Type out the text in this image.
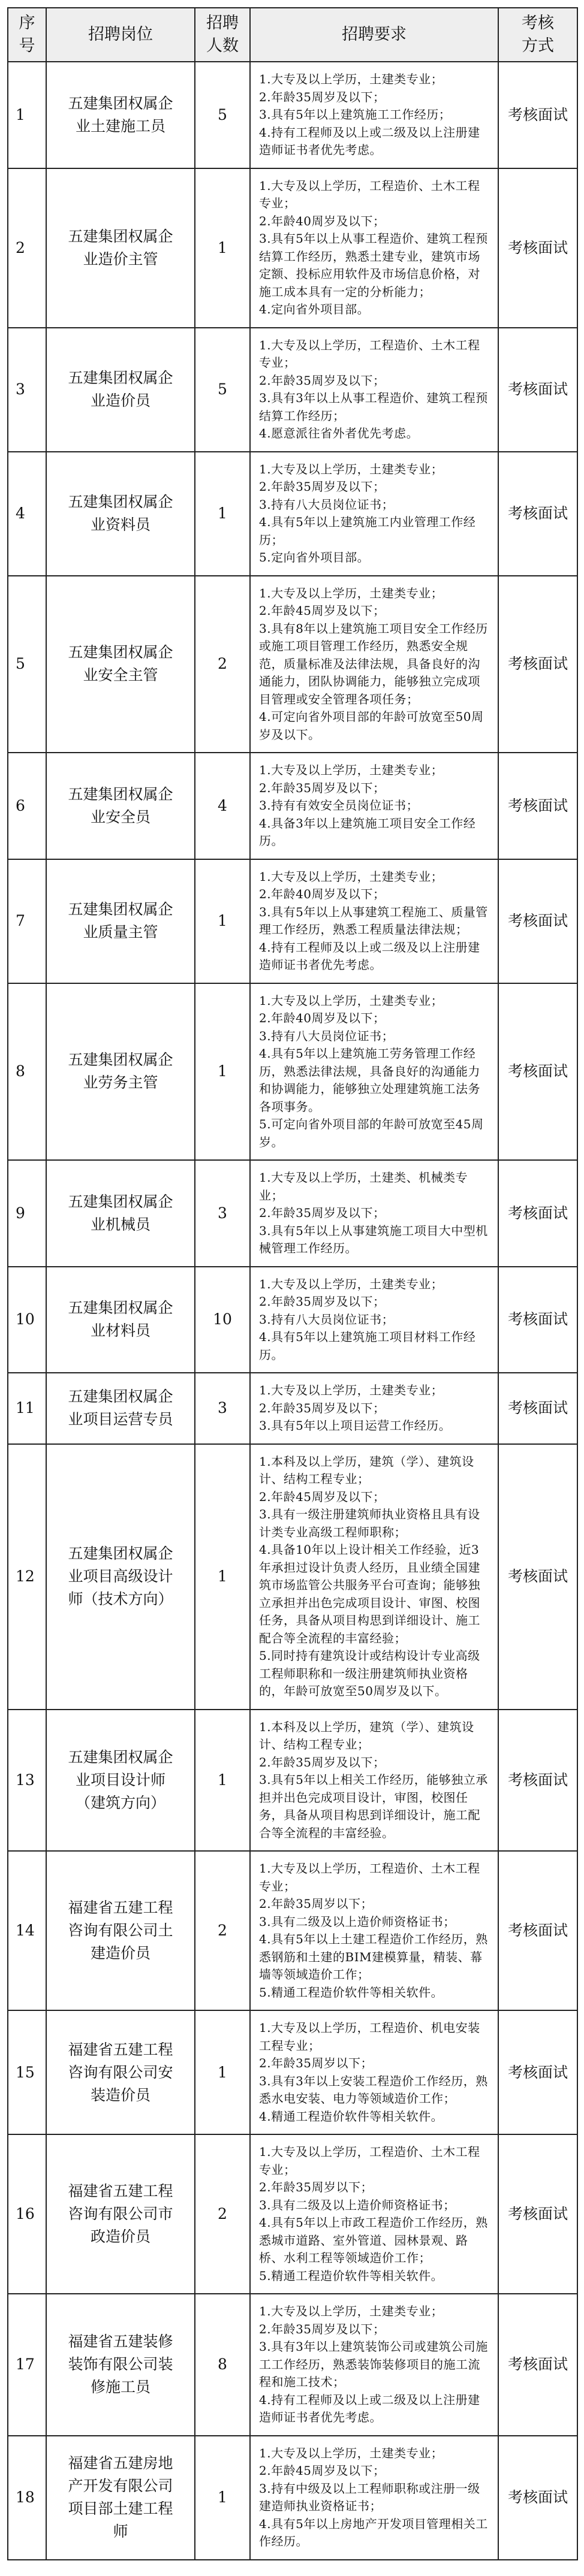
序号	招聘岗位	招聘人数	招聘要求	考核方式
1	五建集团权属企业土建施工员	5	1.大专及以上学历，土建类专业；
2.年龄35周岁及以下；
3.具有5年以上建筑施工工作经历；
4.持有工程师及以上或二级及以上注册建造师证书者优先考虑。	考核面试
2	五建集团权属企业造价主管	1	1.大专及以上学历，工程造价、土木工程专业；
2.年龄40周岁及以下；
3.具有5年以上从事工程造价、建筑工程预结算工作经历，熟悉土建专业，建筑市场定额、投标应用软件及市场信息价格，对施工成本具有一定的分析能力；
4.定向省外项目部。	考核面试
3	五建集团权属企业造价员	5	1.大专及以上学历，工程造价、土木工程专业；
2.年龄35周岁及以下；
3.具有3年以上从事工程造价、建筑工程预结算工作经历；
4.愿意派往省外者优先考虑。	考核面试
4	五建集团权属企业资料员	1	1.大专及以上学历，土建类专业；
2.年龄35周岁及以下；
3.持有八大员岗位证书；
4.具有5年以上建筑施工内业管理工作经历；
5.定向省外项目部。	考核面试
5	五建集团权属企业安全主管	2	1.大专及以上学历，土建类专业；
2.年龄45周岁及以下；
3.具有8年以上建筑施工项目安全工作经历或施工项目管理工作经历，熟悉安全规范，质量标准及法律法规，具备良好的沟通能力，团队协调能力，能够独立完成项目管理或安全管理各项任务；
4.可定向省外项目部的年龄可放宽至50周岁及以下。	考核面试
6	五建集团权属企业安全员	4	1.大专及以上学历，土建类专业；
2.年龄35周岁及以下；
3.持有有效安全员岗位证书；
4.具备3年以上建筑施工项目安全工作经历。	考核面试
7	五建集团权属企业质量主管	1	1.大专及以上学历，土建类专业；
2.年龄40周岁及以下；
3.具有5年以上从事建筑工程施工、质量管理工作经历，熟悉工程质量法律法规；
4.持有工程师及以上或二级及以上注册建造师证书者优先考虑。	考核面试
8	五建集团权属企业劳务主管	1	1.大专及以上学历，土建类专业；
2.年龄40周岁及以下；
3.持有八大员岗位证书；
4.具有5年以上建筑施工劳务管理工作经历，熟悉法律法规，具备良好的沟通能力和协调能力，能够独立处理建筑施工法务各项事务。
5.可定向省外项目部的年龄可放宽至45周岁。	考核面试
9	五建集团权属企业机械员	3	1.大专及以上学历，土建类、机械类专业；
2.年龄35周岁及以下；
3.具有5年以上从事建筑施工项目大中型机械管理工作经历。	考核面试
10	五建集团权属企业材料员	10	1.大专及以上学历，土建类专业；
2.年龄35周岁及以下；
3.持有八大员岗位证书；
4.具有5年以上建筑施工项目材料工作经历。	考核面试
11	五建集团权属企业项目运营专员	3	1.大专及以上学历，土建类专业；
2.年龄35周岁及以下；
3.具有5年以上项目运营工作经历。	考核面试
12	五建集团权属企业项目高级设计师（技术方向）	1	1.本科及以上学历，建筑（学）、建筑设计、结构工程专业；
2.年龄45周岁及以下；
3.具有一级注册建筑师执业资格且具有设计类专业高级工程师职称；
4.具备10年以上设计相关工作经验，近3年承担过设计负责人经历，且业绩全国建筑市场监管公共服务平台可查询；能够独立承担并出色完成项目设计、审图、校图任务，具备从项目构思到详细设计、施工配合等全流程的丰富经验；
5.同时持有建筑设计或结构设计专业高级工程师职称和一级注册建筑师执业资格的，年龄可放宽至50周岁及以下。	考核面试
13	五建集团权属企业项目设计师（建筑方向）	1	1.本科及以上学历，建筑（学）、建筑设计、结构工程专业；
2.年龄35周岁及以下；
3.具有5年以上相关工作经历，能够独立承担并出色完成项目设计，审图，校图任务，具备从项目构思到详细设计，施工配合等全流程的丰富经验。	考核面试
14	福建省五建工程咨询有限公司土建造价员	2	1.大专及以上学历，工程造价、土木工程专业；
2.年龄35周岁以下；
3.具有二级及以上造价师资格证书；
4.具有5年以上土建工程造价工作经历，熟悉钢筋和土建的BIM建模算量，精装、幕墙等领域造价工作；
5.精通工程造价软件等相关软件。	考核面试
15	福建省五建工程咨询有限公司安装造价员	1	1.大专及以上学历，工程造价、机电安装工程专业；
2.年龄35周岁以下；
3.具有3年以上安装工程造价工作经历，熟悉水电安装、电力等领域造价工作；
4.精通工程造价软件等相关软件。	考核面试
16	福建省五建工程咨询有限公司市政造价员	2	1.大专及以上学历，工程造价、土木工程专业；
2.年龄35周岁以下；
3.具有二级及以上造价师资格证书；
4.具有5年以上市政工程造价工作经历，熟悉城市道路、室外管道、园林景观、路桥、水利工程等领域造价工作；
5.精通工程造价软件等相关软件。	考核面试
17	福建省五建装修装饰有限公司装修施工员	8	1.大专及以上学历，土建类专业；
2.年龄35周岁及以下；
3.具有3年以上建筑装饰公司或建筑公司施工工作经历，熟悉装饰装修项目的施工流程和施工技术；
4.持有工程师及以上或二级及以上注册建造师证书者优先考虑。	考核面试
18	福建省五建房地产开发有限公司项目部土建工程师	1	1.大专及以上学历，土建类专业；
2.年龄45周岁及以下；
3.持有中级及以上工程师职称或注册一级建造师执业资格证书；
4.具有5年以上房地产开发项目管理相关工作经历。	考核面试
